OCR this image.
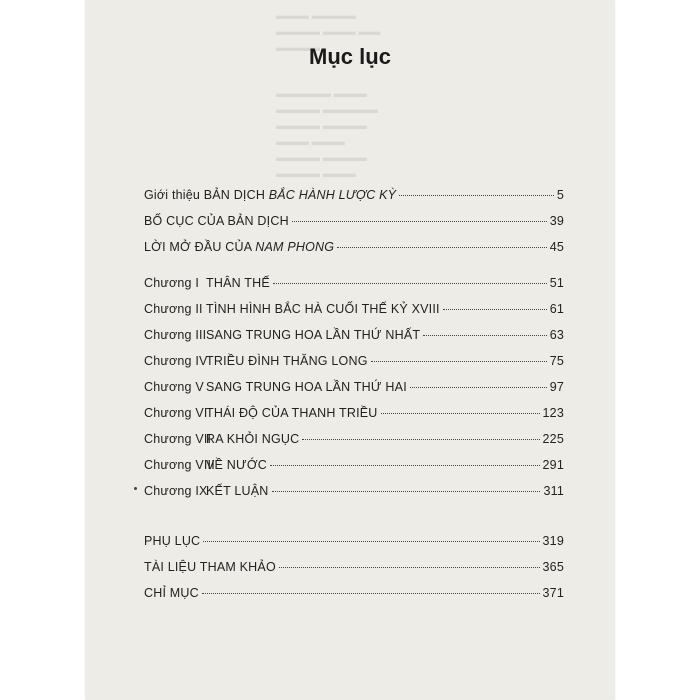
▬▬▬ ▬▬▬▬
▬▬▬▬ ▬▬▬ ▬▬
▬▬▬▬
▬▬▬▬▬ ▬▬▬
▬▬▬▬ ▬▬▬▬▬
▬▬▬▬ ▬▬▬▬
▬▬▬ ▬▬▬
▬▬▬▬ ▬▬▬▬
▬▬▬▬ ▬▬▬
Mục lục
Giới thiệu BẢN DỊCH BẮC HÀNH LƯỢC KỲ	5
BỐ CỤC CỦA BẢN DỊCH	39
LỜI MỞ ĐẦU CỦA NAM PHONG	45
Chương I THÂN THẾ	51
Chương II TÌNH HÌNH BẮC HÀ CUỐI THẾ KỶ XVIII	61
Chương IIISANG TRUNG HOA LẦN THỨ NHẤT	63
Chương IVTRIỀU ĐÌNH THĂNG LONG	75
Chương V SANG TRUNG HOA LẦN THỨ HAI	97
Chương VITHÁI ĐỘ CỦA THANH TRIỀU	123
Chương VIIRA KHỎI NGỤC	225
Chương VIIIVỀ NƯỚC	291
Chương IXKẾT LUẬN	311
PHỤ LỤC	319
TÀI LIỆU THAM KHẢO	365
CHỈ MỤC	371
